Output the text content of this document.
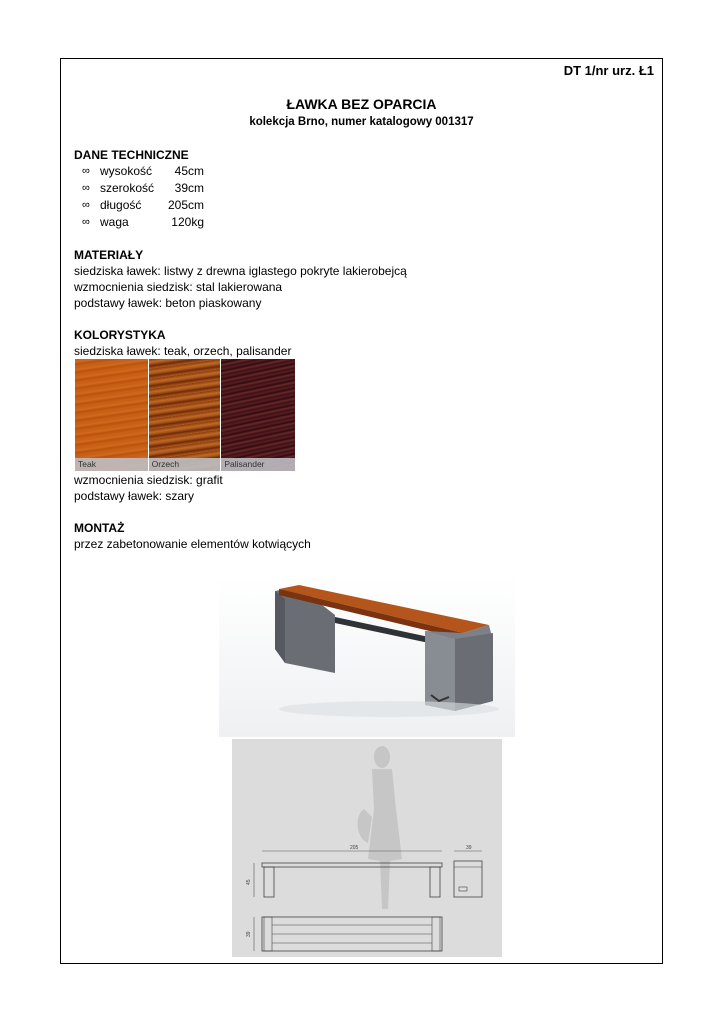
DT 1/nr urz. Ł1
ŁAWKA BEZ OPARCIA
kolekcja Brno, numer katalogowy 001317
DANE TECHNICZNE
∞ wysokość	45cm
∞ szerokość	39cm
∞ długość	205cm
∞ waga	120kg
MATERIAŁY

siedziska ławek: listwy z drewna iglastego pokryte lakierobejcą

wzmocnienia siedzisk: stal lakierowana

podstawy ławek: beton piaskowany

KOLORYSTYKA

siedziska ławek: teak, orzech, palisander

Teak	Orzech	Palisander

wzmocnienia siedzisk: grafit

podstawy ławek: szary

MONTAŻ

przez zabetonowanie elementów kotwiących

205
45
39
39
